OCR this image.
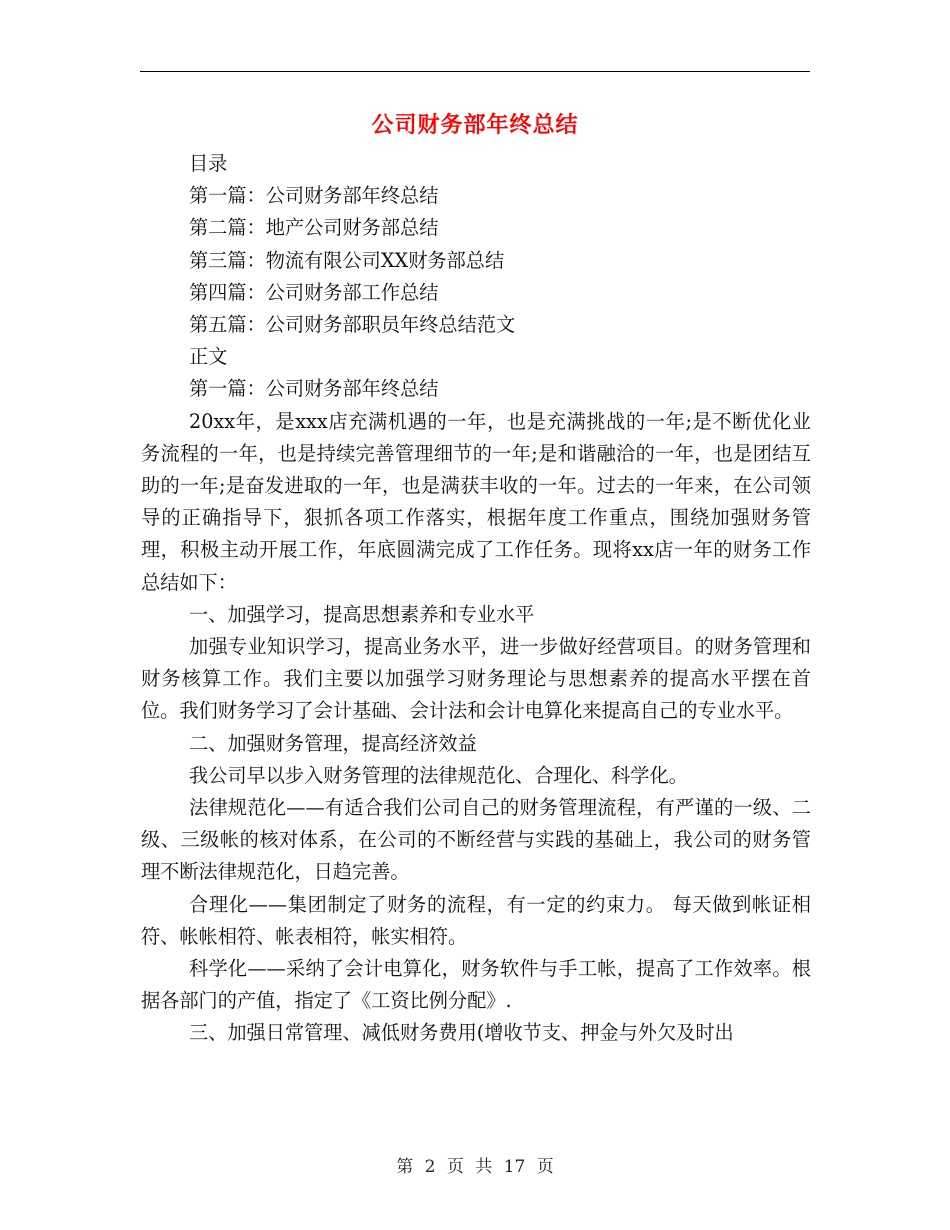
公司财务部年终总结
目录
第一篇：公司财务部年终总结
第二篇：地产公司财务部总结
第三篇：物流有限公司XX财务部总结
第四篇：公司财务部工作总结
第五篇：公司财务部职员年终总结范文
正文
第一篇：公司财务部年终总结
20xx年，是xxx店充满机遇的一年，也是充满挑战的一年;是不断优化业务流程的一年，也是持续完善管理细节的一年;是和谐融洽的一年，也是团结互助的一年;是奋发进取的一年，也是满获丰收的一年。过去的一年来，在公司领导的正确指导下，狠抓各项工作落实，根据年度工作重点，围绕加强财务管理，积极主动开展工作，年底圆满完成了工作任务。现将xx店一年的财务工作总结如下：
一、加强学习，提高思想素养和专业水平
加强专业知识学习，提高业务水平，进一步做好经营项目。的财务管理和财务核算工作。我们主要以加强学习财务理论与思想素养的提高水平摆在首位。我们财务学习了会计基础、会计法和会计电算化来提高自己的专业水平。
二、加强财务管理，提高经济效益
我公司早以步入财务管理的法律规范化、合理化、科学化。
法律规范化——有适合我们公司自己的财务管理流程，有严谨的一级、二级、三级帐的核对体系，在公司的不断经营与实践的基础上，我公司的财务管理不断法律规范化，日趋完善。
合理化——集团制定了财务的流程，有一定的约束力。 每天做到帐证相符、帐帐相符、帐表相符，帐实相符。
科学化——采纳了会计电算化，财务软件与手工帐，提高了工作效率。根据各部门的产值，指定了《工资比例分配》.
三、加强日常管理、减低财务费用(增收节支、押金与外欠及时出
第 2 页 共 17 页
